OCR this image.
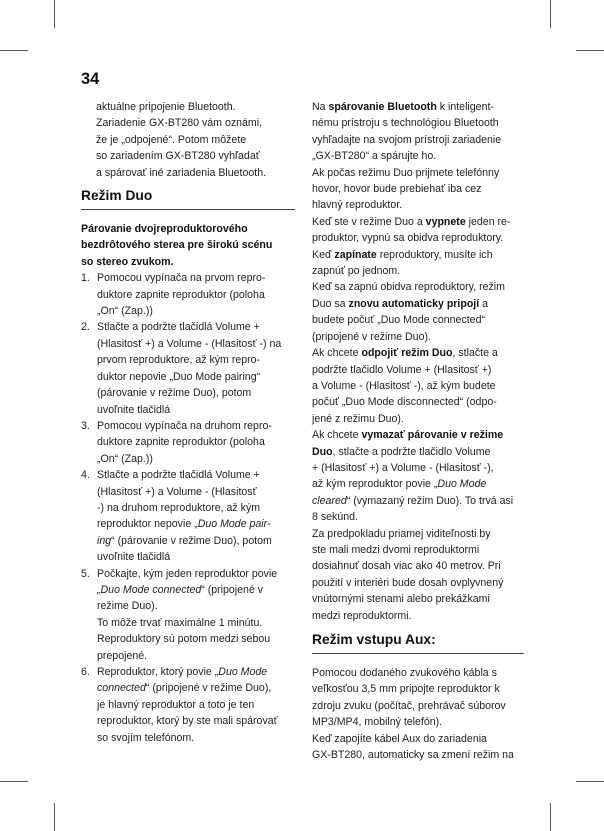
34
aktuálne pripojenie Bluetooth.
Zariadenie GX-BT280 vám oznámi,
že je „odpojené“. Potom môžete
so zariadením GX-BT280 vyhľadať
a spárovať iné zariadenia Bluetooth.
Režim Duo
Párovanie dvojreproduktorového
bezdrôtového sterea pre širokú scénu
so stereo zvukom.
1. Pomocou vypínača na prvom repro-
duktore zapnite reproduktor (poloha
„On“ (Zap.))
2. Stlačte a podržte tlačidlá Volume +
(Hlasitosť +) a Volume - (Hlasitosť -) na
prvom reproduktore, až kým repro-
duktor nepovie „Duo Mode pairing“
(párovanie v režime Duo), potom
uvoľnite tlačidlá
3. Pomocou vypínača na druhom repro-
duktore zapnite reproduktor (poloha
„On“ (Zap.))
4. Stlačte a podržte tlačidlá Volume +
(Hlasitosť +) a Volume - (Hlasitosť
-) na druhom reproduktore, až kým
reproduktor nepovie „Duo Mode pair-
ing“ (párovanie v režime Duo), potom
uvoľnite tlačidlá
5. Počkajte, kým jeden reproduktor povie
„Duo Mode connected“ (pripojené v
režime Duo).
To môže trvať maximálne 1 minútu.
Reproduktory sú potom medzi sebou
prepojené.
6. Reproduktor, ktorý povie „Duo Mode
connected“ (pripojené v režime Duo),
je hlavný reproduktor a toto je ten
reproduktor, ktorý by ste mali spárovať
so svojím telefónom.
Na spárovanie Bluetooth k inteligent-
nému prístroju s technológiou Bluetooth
vyhľadajte na svojom prístroji zariadenie
„GX-BT280“ a spárujte ho.
Ak počas režimu Duo prijmete telefónny
hovor, hovor bude prebiehať iba cez
hlavný reproduktor.
Keď ste v režime Duo a vypnete jeden re-
produktor, vypnú sa obidva reproduktory.
Keď zapínate reproduktory, musíte ich
zapnúť po jednom.
Keď sa zapnú obidva reproduktory, režim
Duo sa znovu automaticky pripojí a
budete počuť „Duo Mode connected“
(pripojené v režime Duo).
Ak chcete odpojiť režim Duo, stlačte a
podržte tlačidlo Volume + (Hlasitosť +)
a Volume - (Hlasitosť -), až kým budete
počuť „Duo Mode disconnected“ (odpo-
jené z režimu Duo).
Ak chcete vymazať párovanie v režime
Duo, stlačte a podržte tlačidlo Volume
+ (Hlasitosť +) a Volume - (Hlasitosť -),
až kým reproduktor povie „Duo Mode
cleared“ (vymazaný režim Duo). To trvá asi
8 sekúnd.
Za predpokladu priamej viditeľnosti by
ste mali medzi dvomi reproduktormi
dosiahnuť dosah viac ako 40 metrov. Pri
použití v interiéri bude dosah ovplyvnený
vnútornými stenami alebo prekážkami
medzi reproduktormi.
Režim vstupu Aux:
Pomocou dodaného zvukového kábla s
veľkosťou 3,5 mm pripojte reproduktor k
zdroju zvuku (počítač, prehrávač súborov
MP3/MP4, mobilný telefón).
Keď zapojíte kábel Aux do zariadenia
GX-BT280, automaticky sa zmení režim na
